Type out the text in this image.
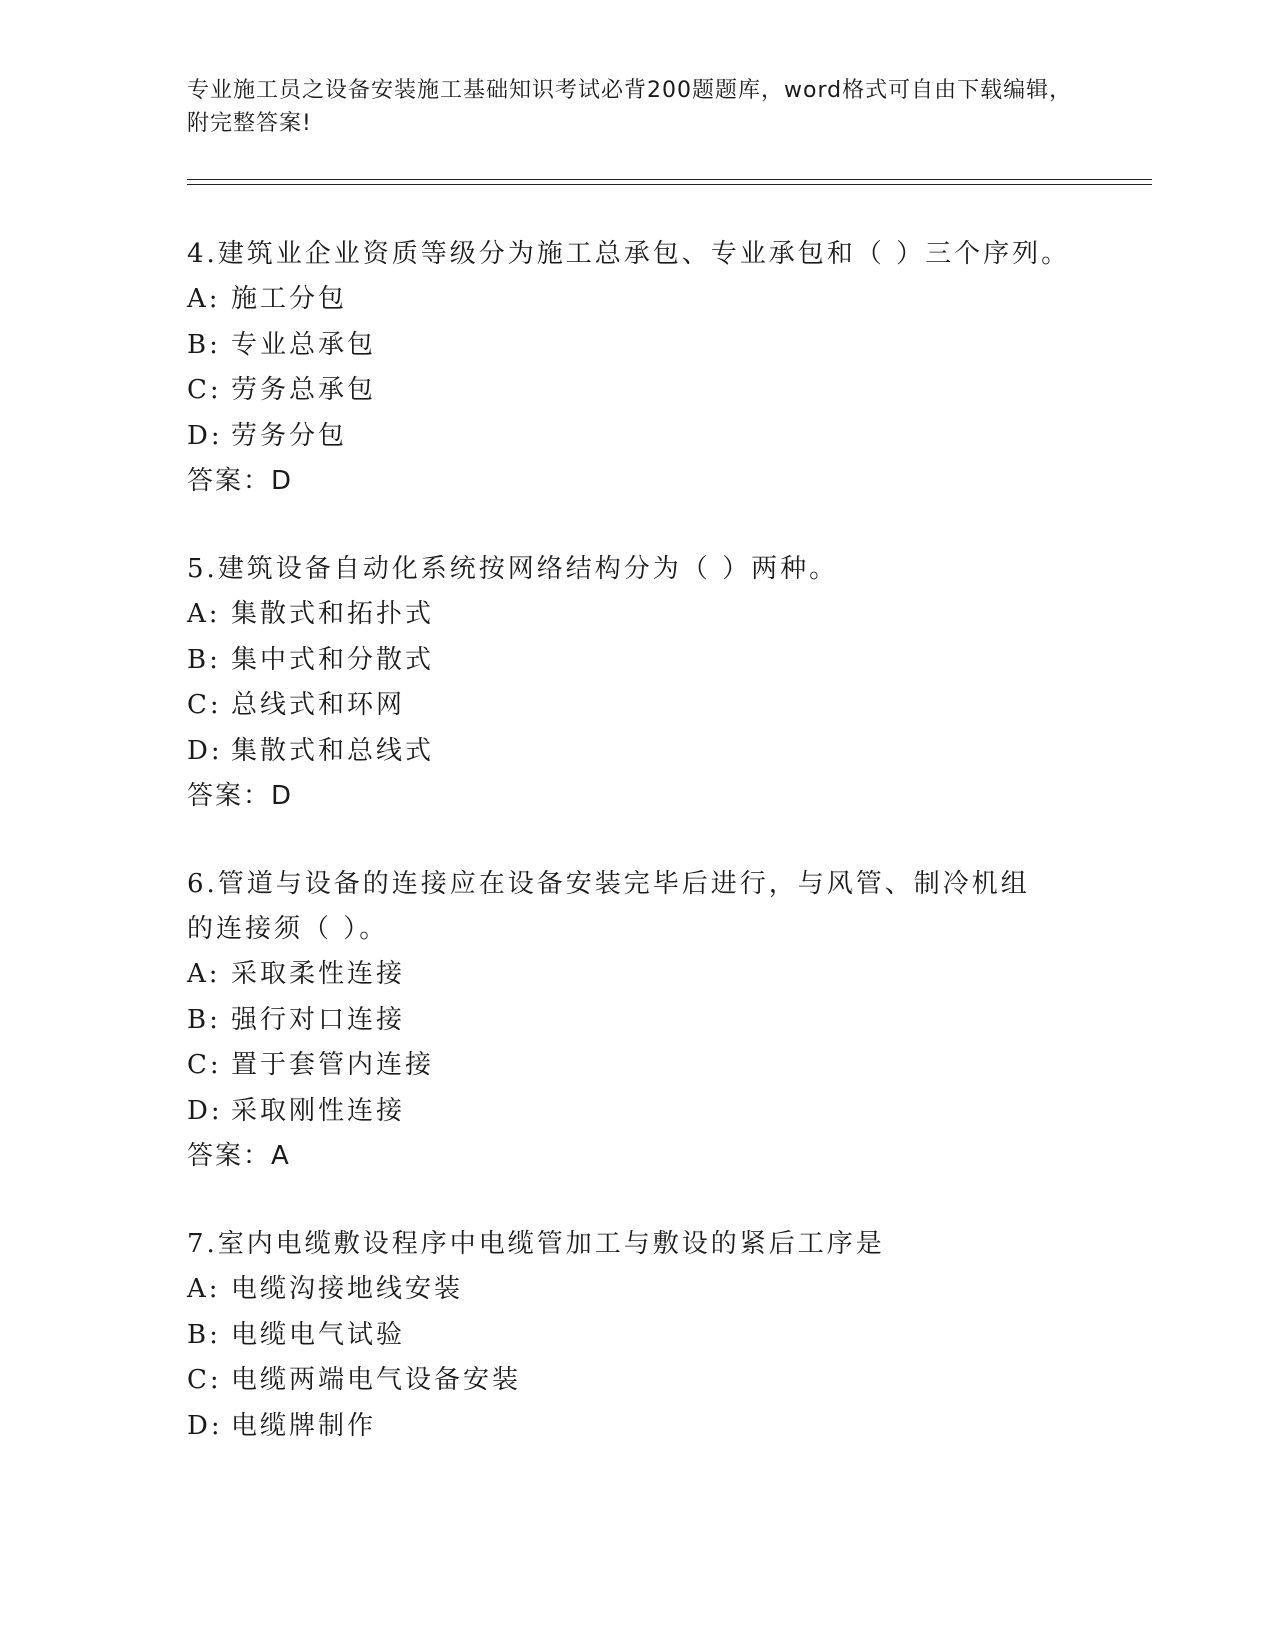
专业施工员之设备安装施工基础知识考试必背200题题库，word格式可自由下载编辑，附完整答案!
4.建筑业企业资质等级分为施工总承包、专业承包和（ ）三个序列。
A: 施工分包
B: 专业总承包
C: 劳务总承包
D: 劳务分包
答案：D
5.建筑设备自动化系统按网络结构分为（ ）两种。
A: 集散式和拓扑式
B: 集中式和分散式
C: 总线式和环网
D: 集散式和总线式
答案：D
6.管道与设备的连接应在设备安装完毕后进行，与风管、制冷机组的连接须（ ）。
A: 采取柔性连接
B: 强行对口连接
C: 置于套管内连接
D: 采取刚性连接
答案：A
7.室内电缆敷设程序中电缆管加工与敷设的紧后工序是
A: 电缆沟接地线安装
B: 电缆电气试验
C: 电缆两端电气设备安装
D: 电缆牌制作
